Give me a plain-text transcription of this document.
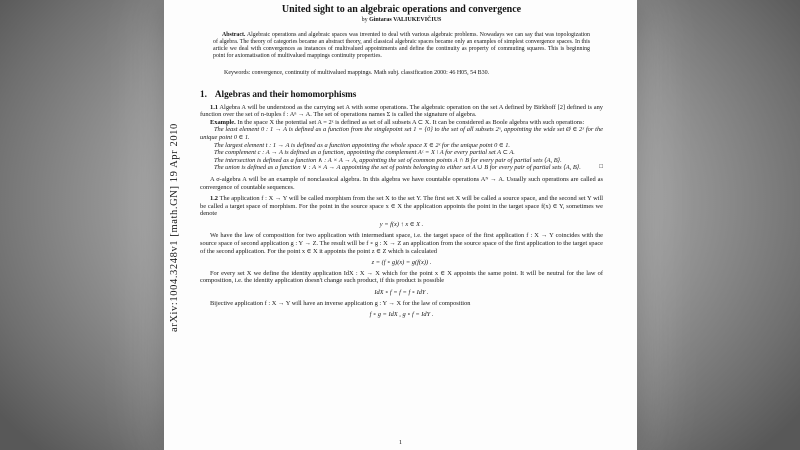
arXiv:1004.3248v1 [math.GN] 19 Apr 2010
United sight to an algebraic operations and convergence
by Gintaras VALIUKEVIČIUS

Abstract. Algebraic operations and algebraic spaces was invented to deal with various algebraic problems. Nowadays we can say that was topologization of algebra. The theory of categories became an abstract theory, and classical algebraic spaces became only an examples of simplest convergence spaces. In this article we deal with convergences as instances of multivalued appointments and define the continuity as property of commuting squares. This is beginning point for axiomatisation of multivalued mappings continuity properties.

Keywords: convergence, continuity of multivalued mappings. Math subj. classification 2000: 46 H05, 54 B30.

1. Algebras and their homomorphisms

1.1 Algebra A will be understood as the carrying set A with some operations. The algebraic operation on the set A defined by Birkhoff [2] defined is any function over the set of n-tuples f : Aⁿ → A. The set of operations names Σ is called the signature of algebra.

Example. In the space X the potential set A = 2ˣ is defined as set of all subsets A ⊂ X. It can be considered as Boole algebra with such operations:

The least element 0 : 1 → A is defined as a function from the singlepoint set 1 = {0} to the set of all subsets 2ˣ, appointing the wide set Ø ∈ 2ˣ for the unique point 0 ∈ 1.

The largest element t : 1 → A is defined as a function appointing the whole space X ∈ 2ˣ for the unique point 0 ∈ 1.

The complement c : A → A is defined as a function, appointing the complement Aᶜ = X \ A for every partial set A ⊂ A.

The intersection is defined as a function ∧ : A × A → A, appointing the set of common points A ∩ B for every pair of partial sets ⟨A, B⟩.

The union is defined as a function ∨ : A × A → A appointing the set of points belonging to either set A ∪ B for every pair of partial sets ⟨A, B⟩.	□

A σ-algebra A will be an example of nonclassical algebra. In this algebra we have countable operations Aᴺ → A. Usually such operations are called as convergence of countable sequences.

1.2 The application f : X → Y will be called morphism from the set X to the set Y. The first set X will be called a source space, and the second set Y will be called a target space of morphism. For the point in the source space x ∈ X the application appoints the point in the target space f(x) ∈ Y, sometimes we denote

y = f(x) ↑ x ∈ X .

We have the law of composition for two application with intermediant space, i.e. the target space of the first application f : X → Y coincides with the source space of second application g : Y → Z. The result will be f ∘ g : X → Z an application from the source space of the first application to the target space of the second application. For the point x ∈ X it appoints the point z ∈ Z which is calculated

z = (f ∘ g)(x) = g(f(x)) .

For every set X we define the identity application IdX : X → X which for the point x ∈ X appoints the same point. It will be neutral for the law of composition, i.e. the identity application doesn't change such product, if this product is possible

IdX ∘ f = f = f ∘ IdY .

Bijective application f : X → Y will have an inverse application g : Y → X for the law of composition

f ∘ g = IdX , g ∘ f = IdY .
1
